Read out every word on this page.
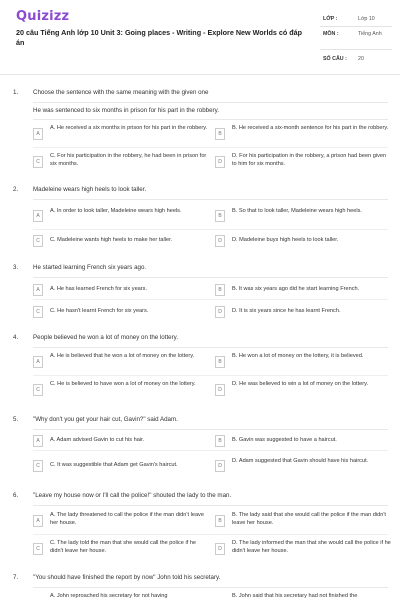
Quizizz
20 câu Tiếng Anh lớp 10 Unit 3: Going places - Writing - Explore New Worlds có đáp án
LỚP :	Lớp 10
MÔN :	Tiếng Anh
SỐ CÂU : 20
1. Choose the sentence with the same meaning with the given one
He was sentenced to six months in prison for his part in the robbery.
A
A. He received a six months in prison for his part in the robbery.
B
B. He received a six-month sentence for his part in the robbery.
C
C. For his participation in the robbery, he had been in prison for six months.	D
D. For his participation in the robbery, a prison had been given to him for six months.
2. Madeleine wears high heels to look taller.
A
A. In order to look taller, Madeleine wears high heels.
B
B. So that to look taller, Madeleine wears high heels.
C	C. Madeleine wants high heels to make her taller.	D	D. Madeleine buys high heels to look taller.
3. He started learning French six years ago.
A	A. He has learned French for six years.	B	B. It was six years ago did he start learning French.
C	C. He hasn't learnt French for six years.	D	D. It is six years since he has learnt French.
4. People believed he won a lot of money on the lottery.
A
A. He is believed that he won a lot of money on the lottery.
B
B. He won a lot of money on the lottery, it is believed.
C
C. He is believed to have won a lot of money on the lottery.
D
D. He was believed to win a lot of money on the lottery.
5. "Why don't you get your hair cut, Gavin?" said Adam.
A	A. Adam advised Gavin to cut his hair.	B	B. Gavin was suggested to have a haircut.
C	C. It was suggestible that Adam get Gavin's haircut.	D
D. Adam suggested that Gavin should have his haircut.
6. "Leave my house now or I'll call the police!" shouted the lady to the man.
A
A. The lady threatened to call the police if the man didn't leave her house.	B
B. The lady said that she would call the police if the man didn't leave her house.
C
C. The lady told the man that she would call the police if he didn't leave her house.	D
D. The lady informed the man that she would call the police if he didn't leave her house.
7. "You should have finished the report by now" John told his secretary.
A. John reproached his secretary for not having	B. John said that his secretary had not finished the
